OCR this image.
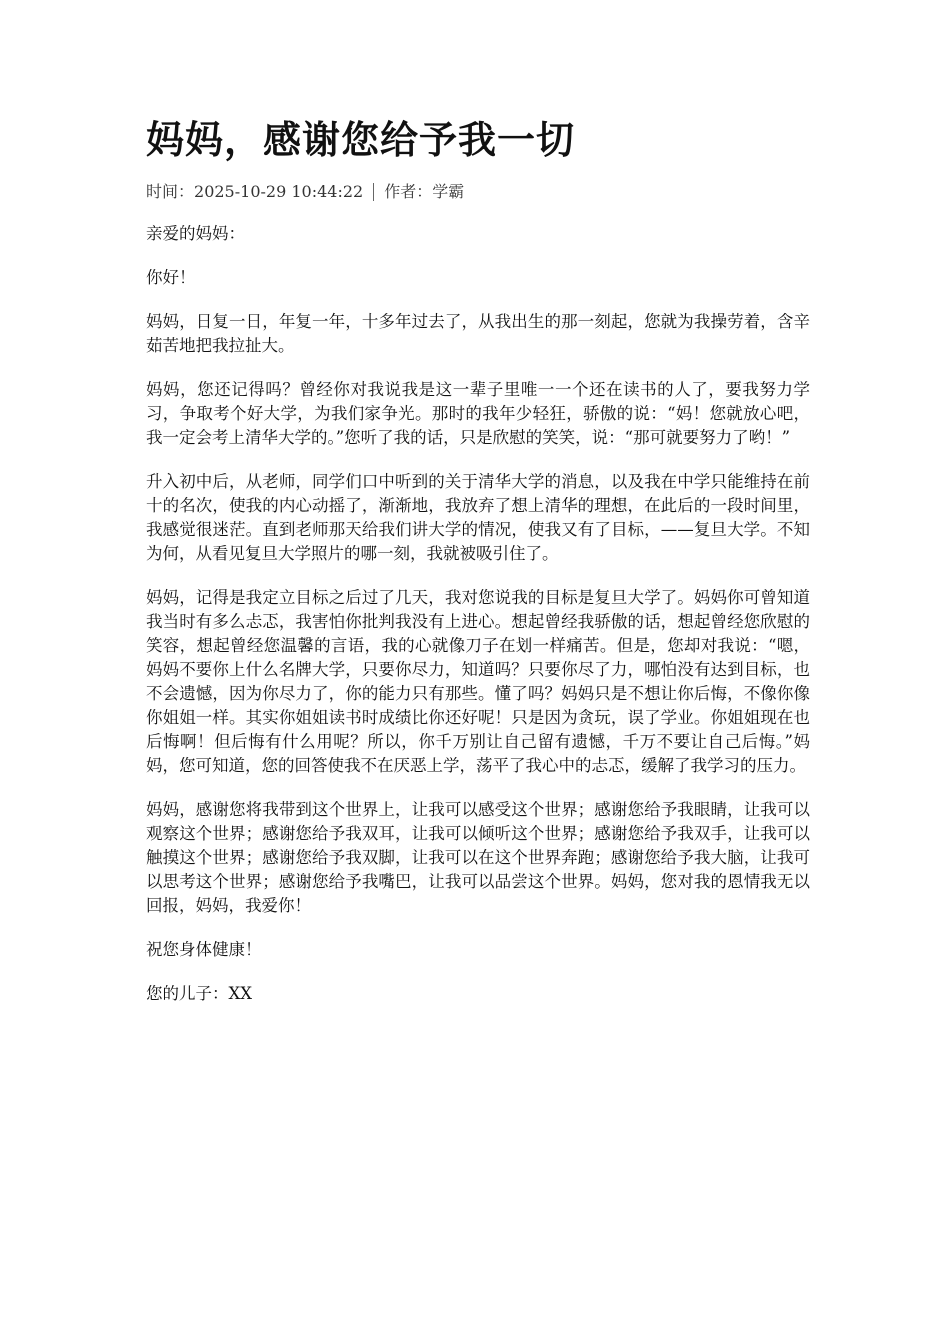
妈妈，感谢您给予我一切
时间： 2025-10-29 10:44:22 作者： 学霸

亲爱的妈妈：

你好！

妈妈，日复一日，年复一年，十多年过去了，从我出生的那一刻起，您就为我操劳着，含辛茹苦地把我拉扯大。

妈妈，您还记得吗？曾经你对我说我是这一辈子里唯一一个还在读书的人了，要我努力学习，争取考个好大学，为我们家争光。那时的我年少轻狂，骄傲的说：“妈！您就放心吧，我一定会考上清华大学的。”您听了我的话，只是欣慰的笑笑，说：“那可就要努力了哟！”

升入初中后，从老师，同学们口中听到的关于清华大学的消息，以及我在中学只能维持在前十的名次，使我的内心动摇了，渐渐地，我放弃了想上清华的理想，在此后的一段时间里，我感觉很迷茫。直到老师那天给我们讲大学的情况，使我又有了目标，——复旦大学。不知为何，从看见复旦大学照片的哪一刻，我就被吸引住了。

妈妈，记得是我定立目标之后过了几天，我对您说我的目标是复旦大学了。妈妈你可曾知道我当时有多么忐忑，我害怕你批判我没有上进心。想起曾经我骄傲的话，想起曾经您欣慰的笑容，想起曾经您温馨的言语，我的心就像刀子在划一样痛苦。但是，您却对我说：“嗯，妈妈不要你上什么名牌大学，只要你尽力，知道吗？只要你尽了力，哪怕没有达到目标，也不会遗憾，因为你尽力了，你的能力只有那些。懂了吗？妈妈只是不想让你后悔，不像你像你姐姐一样。其实你姐姐读书时成绩比你还好呢！只是因为贪玩，误了学业。你姐姐现在也后悔啊！但后悔有什么用呢？所以，你千万别让自己留有遗憾，千万不要让自己后悔。”妈妈，您可知道，您的回答使我不在厌恶上学，荡平了我心中的忐忑，缓解了我学习的压力。

妈妈，感谢您将我带到这个世界上，让我可以感受这个世界；感谢您给予我眼睛，让我可以观察这个世界；感谢您给予我双耳，让我可以倾听这个世界；感谢您给予我双手，让我可以触摸这个世界；感谢您给予我双脚，让我可以在这个世界奔跑；感谢您给予我大脑，让我可以思考这个世界；感谢您给予我嘴巴，让我可以品尝这个世界。妈妈，您对我的恩情我无以回报，妈妈，我爱你！

祝您身体健康！

您的儿子：XX
